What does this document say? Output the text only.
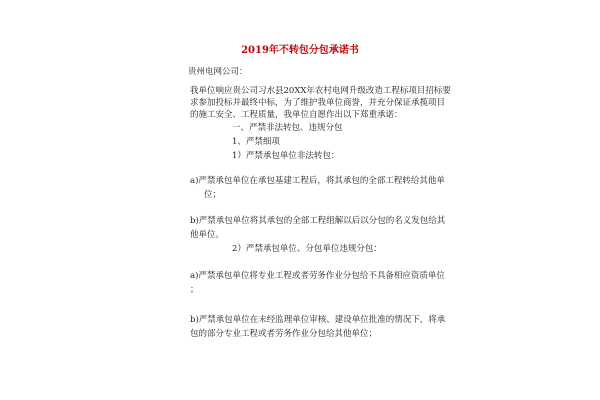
2019年不转包分包承诺书
贵州电网公司：
我单位响应贵公司习水县20XX年农村电网升级改造工程标项目招标要
求参加投标并最终中标，为了维护我单位商誉，并充分保证承揽项目
的施工安全、工程质量，我单位自愿作出以下郑重承诺：
一、严禁非法转包、违规分包
1、严禁细项
1）严禁承包单位非法转包：
a)严禁承包单位在承包基建工程后，将其承包的全部工程转给其他单
位；
b)严禁承包单位将其承包的全部工程组解以后以分包的名义发包给其
他单位。
2）严禁承包单位、分包单位违规分包：
a)严禁承包单位将专业工程或者劳务作业分包给不具备相应资质单位
；
b)严禁承包单位在未经监理单位审核、建设单位批准的情况下，将承
包的部分专业工程或者劳务作业分包给其他单位；
